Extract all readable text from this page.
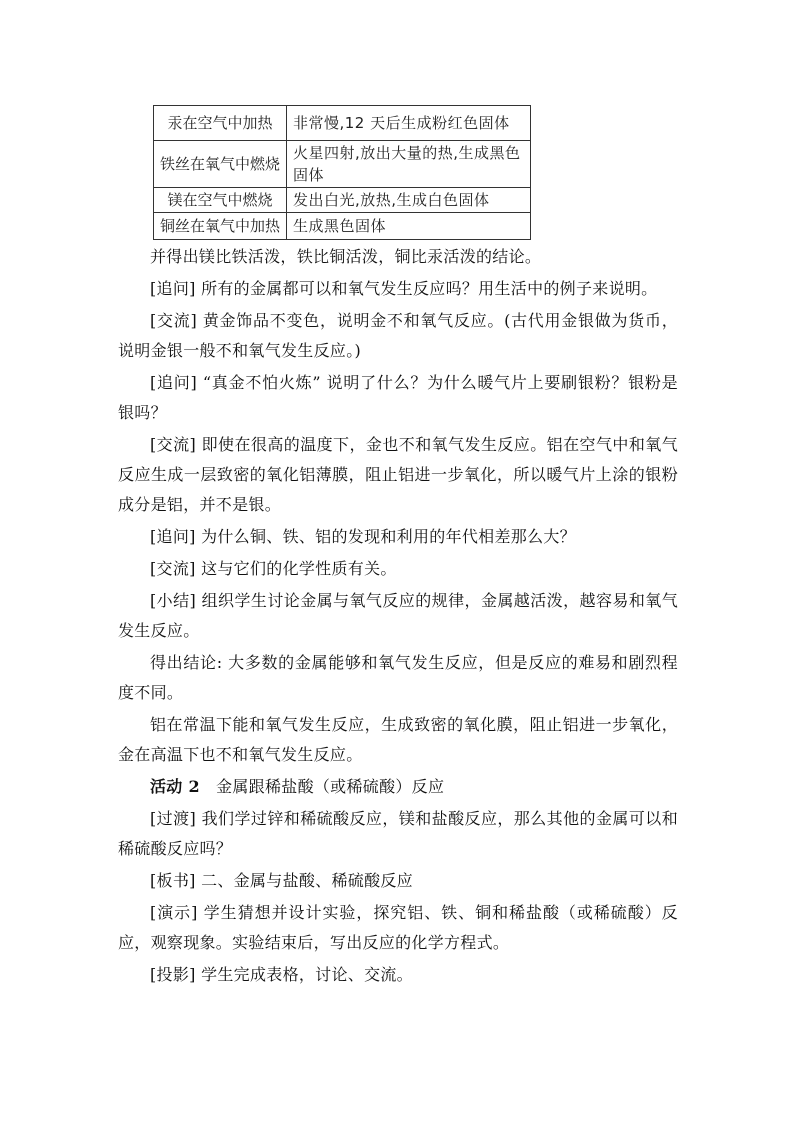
汞在空气中加热	非常慢,12 天后生成粉红色固体
铁丝在氧气中燃烧	火星四射,放出大量的热,生成黑色固体
镁在空气中燃烧	发出白光,放热,生成白色固体
铜丝在氧气中加热	生成黑色固体

并得出镁比铁活泼，铁比铜活泼，铜比汞活泼的结论。

[追问] 所有的金属都可以和氧气发生反应吗？用生活中的例子来说明。

[交流] 黄金饰品不变色，说明金不和氧气反应。(古代用金银做为货币，说明金银一般不和氧气发生反应。)

[追问] “真金不怕火炼” 说明了什么？为什么暖气片上要刷银粉？银粉是银吗？

[交流] 即使在很高的温度下，金也不和氧气发生反应。铝在空气中和氧气反应生成一层致密的氧化铝薄膜，阻止铝进一步氧化，所以暖气片上涂的银粉成分是铝，并不是银。

[追问] 为什么铜、铁、铝的发现和利用的年代相差那么大？

[交流] 这与它们的化学性质有关。

[小结] 组织学生讨论金属与氧气反应的规律，金属越活泼，越容易和氧气发生反应。

得出结论: 大多数的金属能够和氧气发生反应，但是反应的难易和剧烈程度不同。

铝在常温下能和氧气发生反应，生成致密的氧化膜，阻止铝进一步氧化，金在高温下也不和氧气发生反应。

活动 2 金属跟稀盐酸（或稀硫酸）反应

[过渡] 我们学过锌和稀硫酸反应，镁和盐酸反应，那么其他的金属可以和稀硫酸反应吗？

[板书] 二、金属与盐酸、稀硫酸反应

[演示] 学生猜想并设计实验，探究铝、铁、铜和稀盐酸（或稀硫酸）反应，观察现象。实验结束后，写出反应的化学方程式。

[投影] 学生完成表格，讨论、交流。
